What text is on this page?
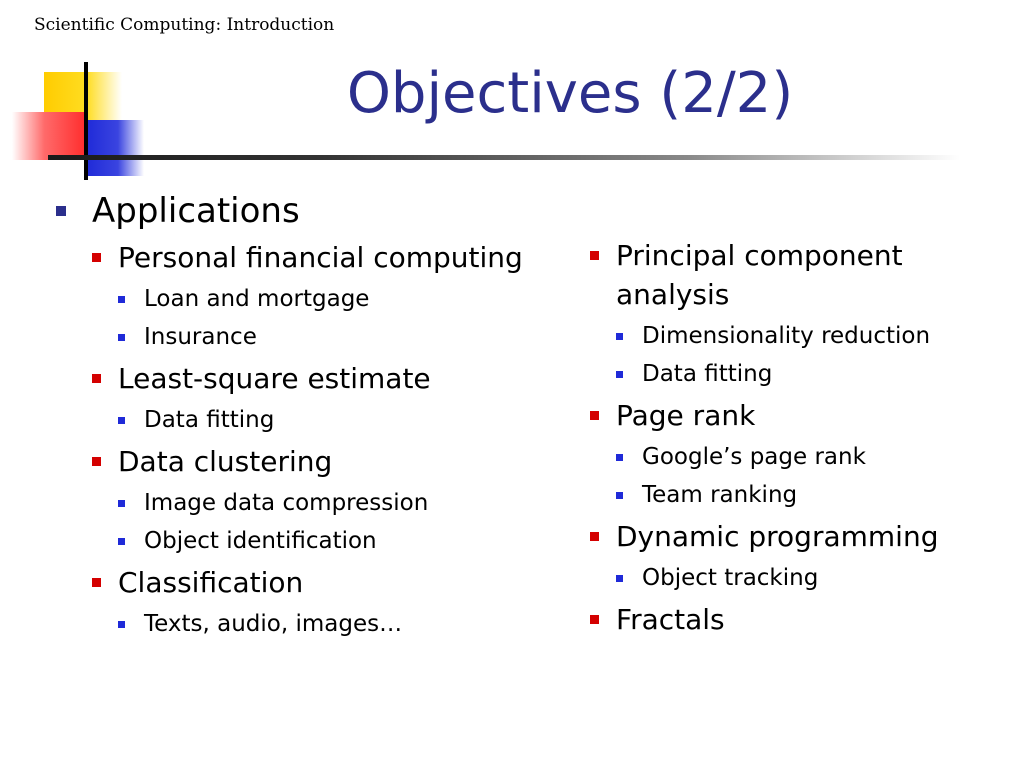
Scientific Computing: Introduction
Objectives (2/2)
Applications
Personal financial computing
Loan and mortgage
Insurance
Least-square estimate
Data fitting
Data clustering
Image data compression
Object identification
Classification
Texts, audio, images…
Principal component analysis
Dimensionality reduction
Data fitting
Page rank
Google’s page rank
Team ranking
Dynamic programming
Object tracking
Fractals
